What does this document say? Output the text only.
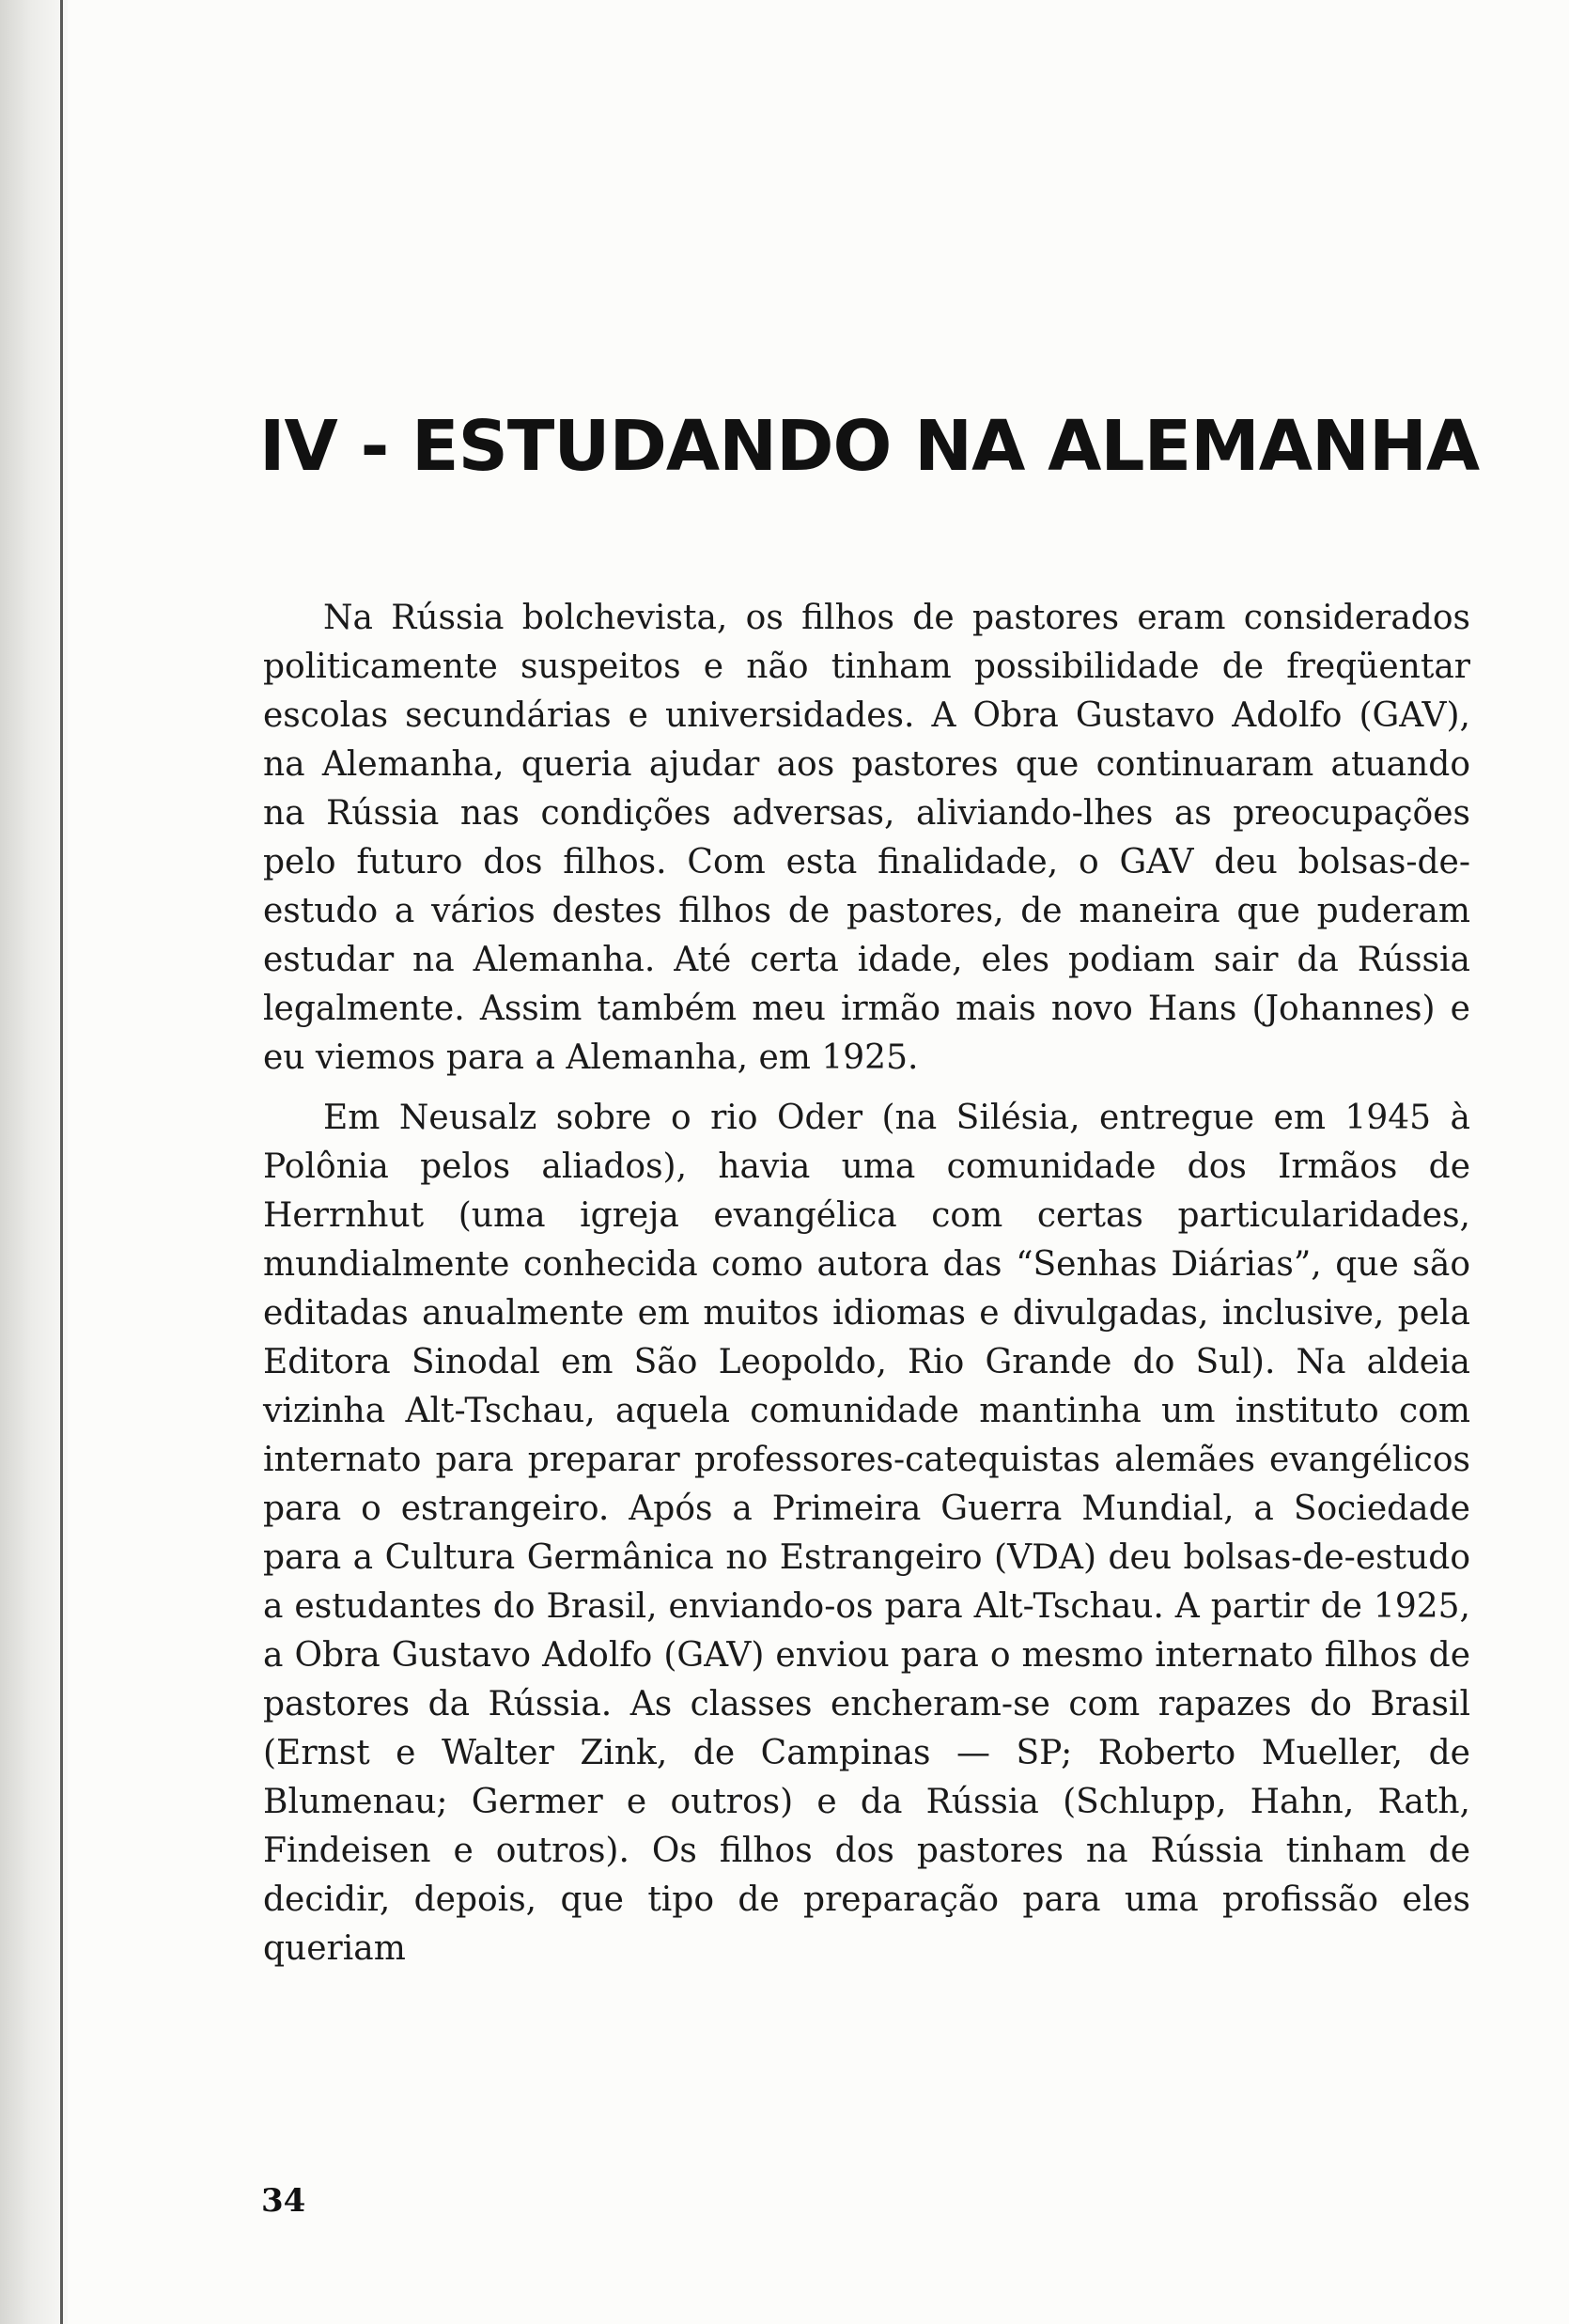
IV - ESTUDANDO NA ALEMANHA

Na Rússia bolchevista, os filhos de pastores eram considerados politicamente suspeitos e não tinham possibilidade de freqüentar escolas secundárias e universidades. A Obra Gustavo Adolfo (GAV), na Alemanha, queria ajudar aos pastores que continuaram atuando na Rússia nas condições adversas, aliviando-lhes as preocupações pelo futuro dos filhos. Com esta finalidade, o GAV deu bolsas-de-estudo a vários destes filhos de pastores, de maneira que puderam estudar na Alemanha. Até certa idade, eles podiam sair da Rússia legalmente. Assim também meu irmão mais novo Hans (Johannes) e eu viemos para a Alemanha, em 1925.

Em Neusalz sobre o rio Oder (na Silésia, entregue em 1945 à Polônia pelos aliados), havia uma comunidade dos Irmãos de Herrnhut (uma igreja evangélica com certas particularidades, mundialmente conhecida como autora das “Senhas Diárias”, que são editadas anualmente em muitos idiomas e divulgadas, inclusive, pela Editora Sinodal em São Leopoldo, Rio Grande do Sul). Na aldeia vizinha Alt-Tschau, aquela comunidade mantinha um instituto com internato para preparar professores-catequistas alemães evangélicos para o estrangeiro. Após a Primeira Guerra Mundial, a Sociedade para a Cultura Germânica no Estrangeiro (VDA) deu bolsas-de-estudo a estudantes do Brasil, enviando-os para Alt-Tschau. A partir de 1925, a Obra Gustavo Adolfo (GAV) enviou para o mesmo internato filhos de pastores da Rússia. As classes encheram-se com rapazes do Brasil (Ernst e Walter Zink, de Campinas — SP; Roberto Mueller, de Blumenau; Germer e outros) e da Rússia (Schlupp, Hahn, Rath, Findeisen e outros). Os filhos dos pastores na Rússia tinham de decidir, depois, que tipo de preparação para uma profissão eles queriam

34
